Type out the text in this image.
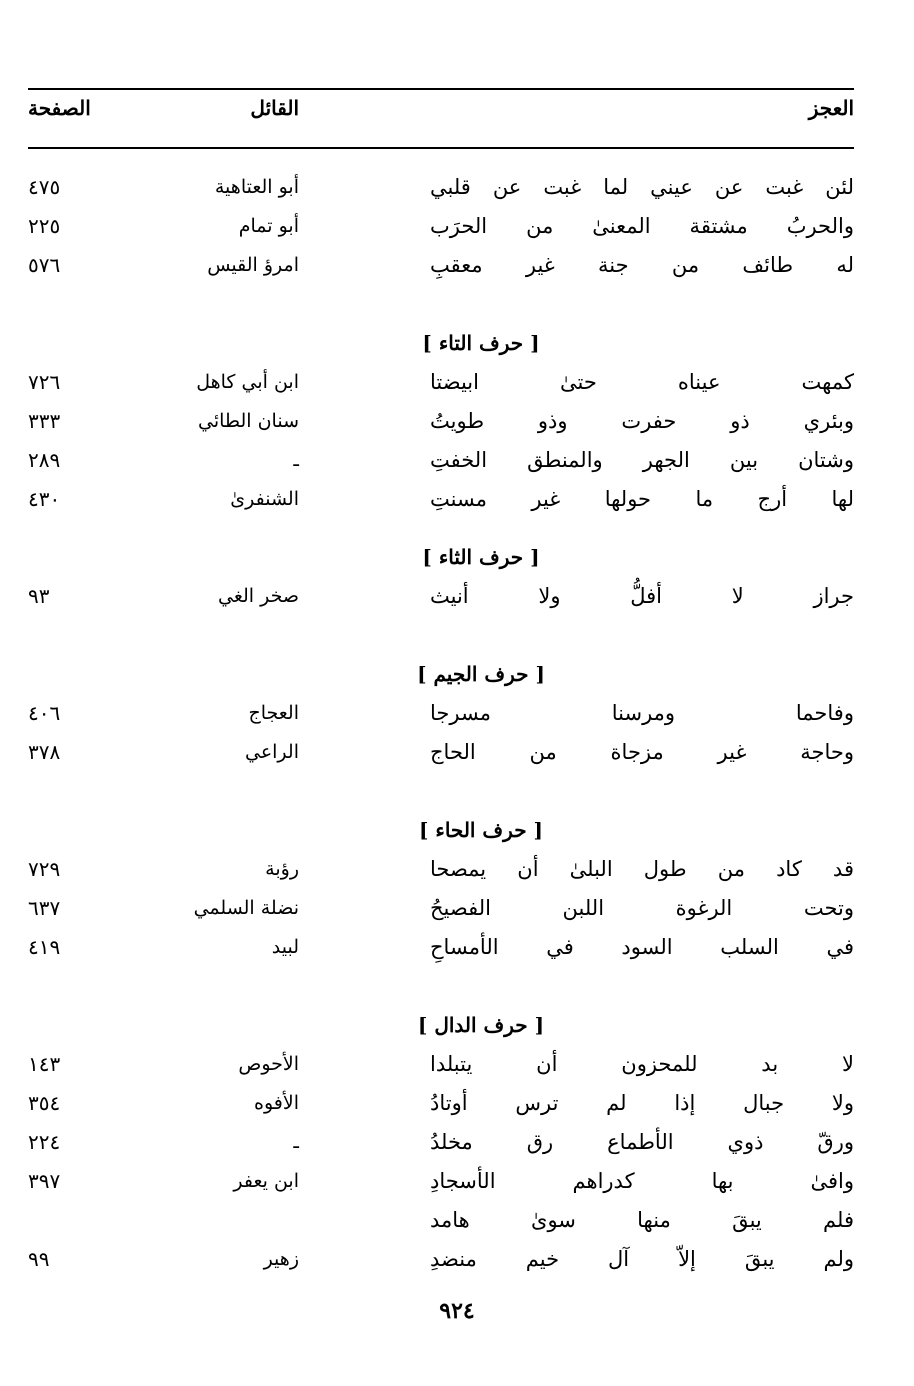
العجز
القائل
الصفحة
لئن غبت عن عيني لما غبت عن قلبي
أبو العتاهية
٤٧٥
والحربُ مشتقة المعنىٰ من الحرَب
أبو تمام
٢٢٥
له طائف من جنة غير معقبِ
امرؤ القيس
٥٧٦
[ حرف التاء ]
كمهت عيناه حتىٰ ابيضتا
ابن أبي كاهل
٧٢٦
وبئري ذو حفرت وذو طويتُ
سنان الطائي
٣٣٣
وشتان بين الجهر والمنطق الخفتِ
ـ
٢٨٩
لها أرج ما حولها غير مسنتِ
الشنفرىٰ
٤٣٠
[ حرف الثاء ]
جراز لا أفلُّ ولا أنيث
صخر الغي
٩٣
[ حرف الجيم ]
وفاحما ومرسنا مسرجا
العجاج
٤٠٦
وحاجة غير مزجاة من الحاج
الراعي
٣٧٨
[ حرف الحاء ]
قد كاد من طول البلىٰ أن يمصحا
رؤبة
٧٢٩
وتحت الرغوة اللبن الفصيحُ
نضلة السلمي
٦٣٧
في السلب السود في الأمساحِ
لبيد
٤١٩
[ حرف الدال ]
لا بد للمحزون أن يتبلدا
الأحوص
١٤٣
ولا جبال إذا لم ترس أوتادُ
الأفوه
٣٥٤
ورقّ ذوي الأطماع رق مخلدُ
ـ
٢٢٤
وافىٰ بها كدراهم الأسجادِ
ابن يعفر
٣٩٧
فلم يبقَ منها سوىٰ هامد
ولم يبقَ إلاّ آل خيم منضدِ
زهير
٩٩
٩٢٤
